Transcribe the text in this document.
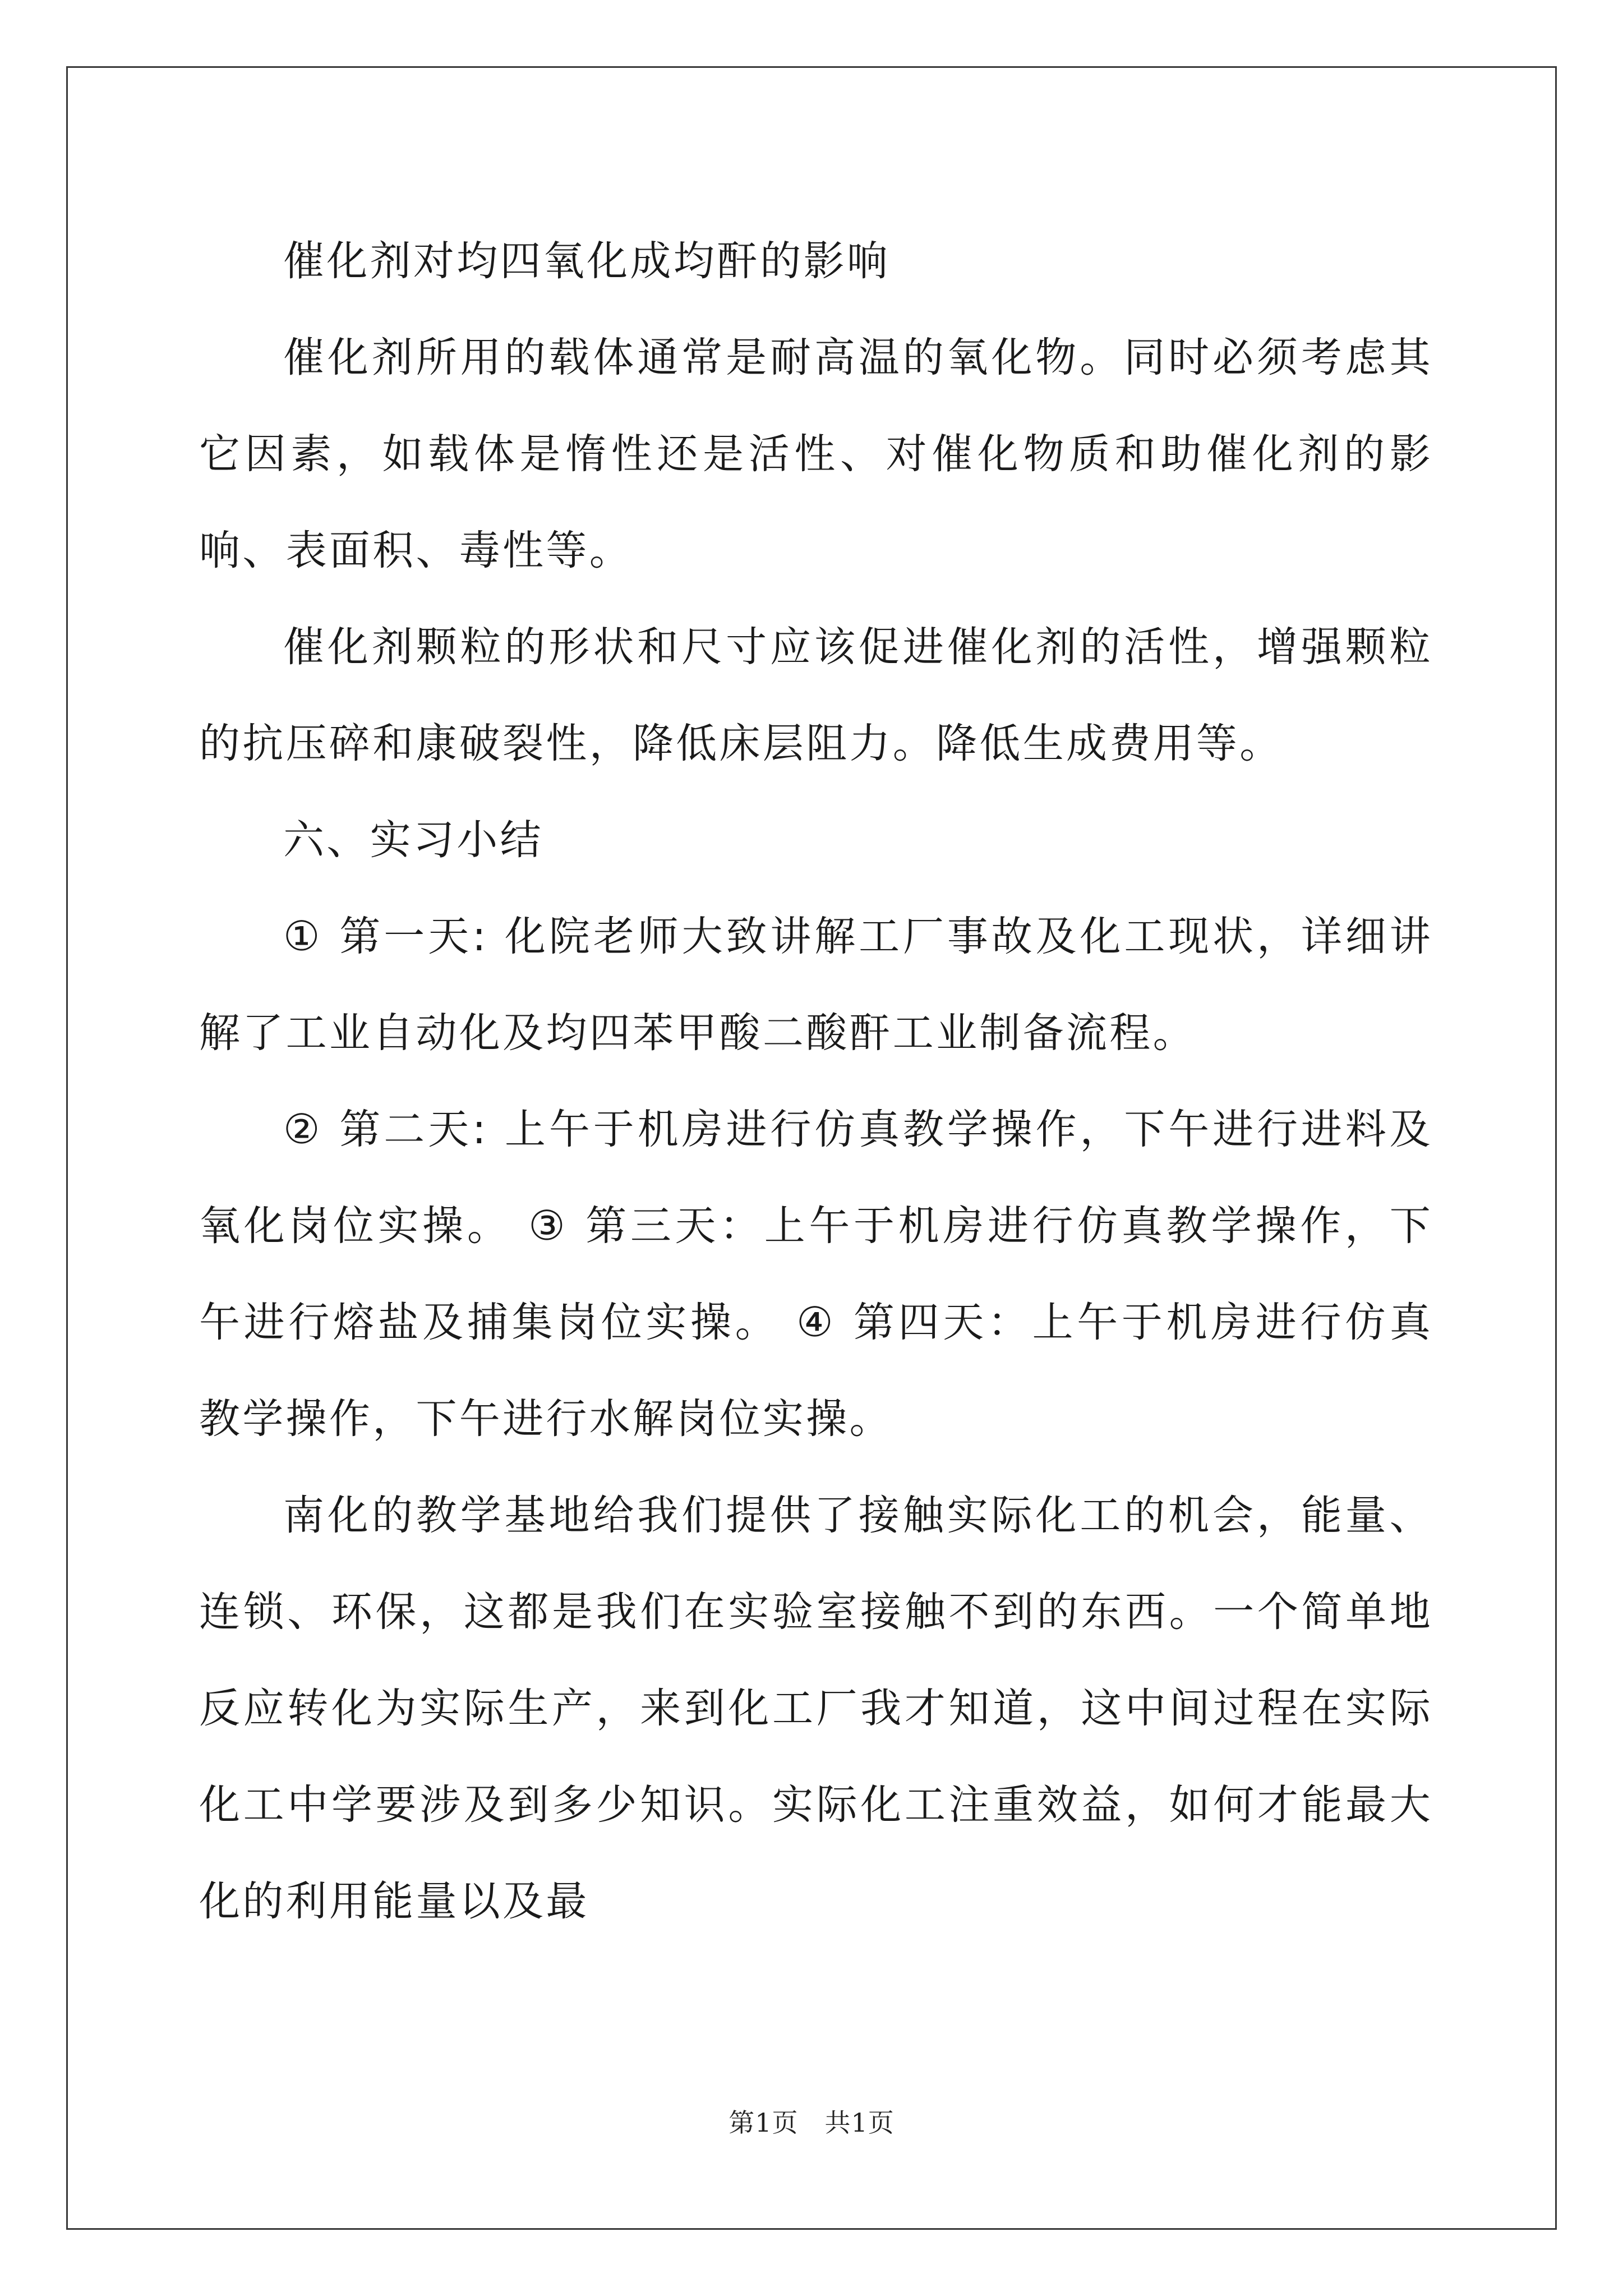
催化剂对均四氧化成均酐的影响

催化剂所用的载体通常是耐高温的氧化物。同时必须考虑其它因素，如载体是惰性还是活性、对催化物质和助催化剂的影响、表面积、毒性等。

催化剂颗粒的形状和尺寸应该促进催化剂的活性，增强颗粒的抗压碎和康破裂性，降低床层阻力。降低生成费用等。

六、实习小结

① 第一天: 化院老师大致讲解工厂事故及化工现状，详细讲解了工业自动化及均四苯甲酸二酸酐工业制备流程。

② 第二天: 上午于机房进行仿真教学操作，下午进行进料及氧化岗位实操。 ③ 第三天：上午于机房进行仿真教学操作，下午进行熔盐及捕集岗位实操。 ④ 第四天：上午于机房进行仿真教学操作，下午进行水解岗位实操。

南化的教学基地给我们提供了接触实际化工的机会，能量、连锁、环保，这都是我们在实验室接触不到的东西。一个简单地反应转化为实际生产，来到化工厂我才知道，这中间过程在实际化工中学要涉及到多少知识。实际化工注重效益，如何才能最大化的利用能量以及最

第1页　共1页
